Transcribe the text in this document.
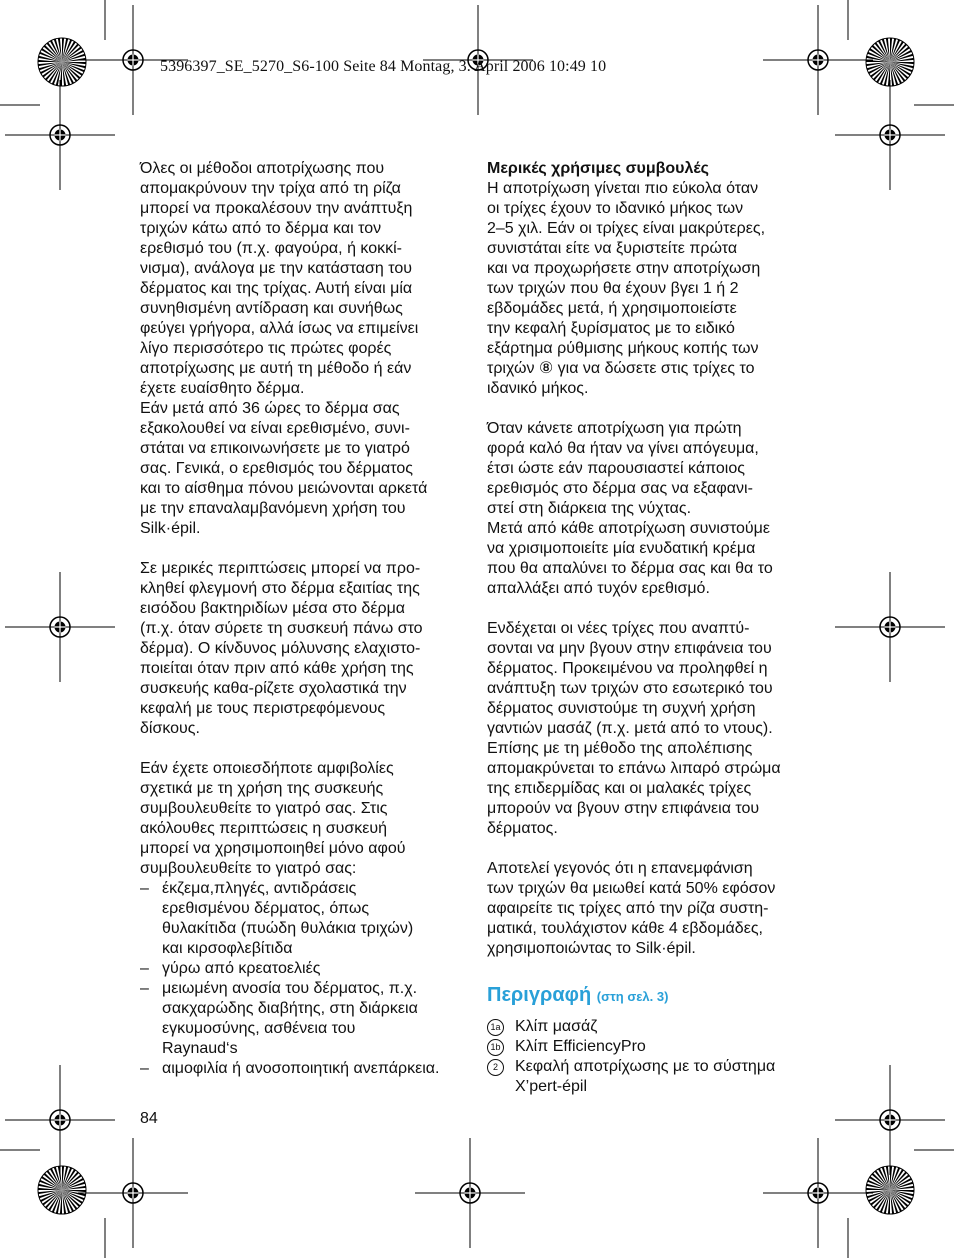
5396397_SE_5270_S6-100 Seite 84 Montag, 3. April 2006 10:49 10

Όλες οι μέθοδοι αποτρίχωσης που
απομακρύνουν την τρίχα από τη ρίζα
μπορεί να προκαλέσουν την ανάπτυξη
τριχών κάτω από το δέρμα και τον
ερεθισμό του (π.χ. φαγούρα, ή κοκκί-
νισμα), ανάλογα με την κατάσταση του
δέρματος και της τρίχας. Αυτή είναι μία
συνηθισμένη αντίδραση και συνήθως
φεύγει γρήγορα, αλλά ίσως να επιμείνει
λίγο περισσότερο τις πρώτες φορές
αποτρίχωσης με αυτή τη μέθοδο ή εάν
έχετε ευαίσθητο δέρμα.

Εάν μετά από 36 ώρες το δέρμα σας
εξακολουθεί να είναι ερεθισμένο, συνι-
στάται να επικοινωνήσετε με το γιατρό
σας. Γενικά, ο ερεθισμός του δέρματος
και το αίσθημα πόνου μειώνονται αρκετά
με την επαναλαμβανόμενη χρήση του
Silk·épil.

Σε μερικές περιπτώσεις μπορεί να προ-
κληθεί φλεγμονή στο δέρμα εξαιτίας της
εισόδου βακτηριδίων μέσα στο δέρμα
(π.χ. όταν σύρετε τη συσκευή πάνω στο
δέρμα). Ο κίνδυνος μόλυνσης ελαχιστο-
ποιείται όταν πριν από κάθε χρήση της
συσκευής καθα-ρίζετε σχολαστικά την
κεφαλή με τους περιστρεφόμενους
δίσκους.

Εάν έχετε οποιεσδήποτε αμφιβολίες
σχετικά με τη χρήση της συσκευής
συμβουλευθείτε το γιατρό σας. Στις
ακόλουθες περιπτώσεις η συσκευή
μπορεί να χρησιμοποιηθεί μόνο αφού
συμβουλευθείτε το γιατρό σας:

– έκζεμα,πληγές, αντιδράσεις
ερεθισμένου δέρματος, όπως
θυλακίτιδα (πυώδη θυλάκια τριχών)
και κιρσοφλεβίτιδα
– γύρω από κρεατοελιές
– μειωμένη ανοσία του δέρματος, π.χ.
σακχαρώδης διαβήτης, στη διάρκεια
εγκυμοσύνης, ασθένεια του
Raynaud‘s
– αιμοφιλία ή ανοσοποιητική ανεπάρκεια.

Μερικές χρήσιμες συμβουλές

Η αποτρίχωση γίνεται πιο εύκολα όταν
οι τρίχες έχουν το ιδανικό μήκος των
2–5 χιλ. Εάν οι τρίχες είναι μακρύτερες,
συνιστάται είτε να ξυριστείτε πρώτα
και να προχωρήσετε στην αποτρίχωση
των τριχών που θα έχουν βγει 1 ή 2
εβδομάδες μετά, ή χρησιμοποιείστε
την κεφαλή ξυρίσματος με το ειδικό
εξάρτημα ρύθμισης μήκους κοπής των
τριχών ⑧ για να δώσετε στις τρίχες το
ιδανικό μήκος.

Όταν κάνετε αποτρίχωση για πρώτη
φορά καλό θα ήταν να γίνει απόγευμα,
έτσι ώστε εάν παρουσιαστεί κάποιος
ερεθισμός στο δέρμα σας να εξαφανι-
στεί στη διάρκεια της νύχτας.

Μετά από κάθε αποτρίχωση συνιστούμε
να χρισιμοποιείτε μία ενυδατική κρέμα
που θα απαλύνει το δέρμα σας και θα το
απαλλάξει από τυχόν ερεθισμό.

Ενδέχεται οι νέες τρίχες που αναπτύ-
σονται να μην βγουν στην επιφάνεια του
δέρματος. Προκειμένου να προληφθεί η
ανάπτυξη των τριχών στο εσωτερικό του
δέρματος συνιστούμε τη συχνή χρήση
γαντιών μασάζ (π.χ. μετά από το ντους).
Επίσης με τη μέθοδο της απολέπισης
απομακρύνεται το επάνω λιπαρό στρώμα
της επιδερμίδας και οι μαλακές τρίχες
μπορούν να βγουν στην επιφάνεια του
δέρματος.

Αποτελεί γεγονός ότι η επανεμφάνιση
των τριχών θα μειωθεί κατά 50% εφόσον
αφαιρείτε τις τρίχες από την ρίζα συστη-
ματικά, τουλάχιστον κάθε 4 εβδομάδες,
χρησιμοποιώντας το Silk·épil.

Περιγραφή (στη σελ. 3)

1a Κλίπ μασάζ
1b Κλίπ EfficiencyPro
2	Κεφαλή αποτρίχωσης με το σύστημα
X’pert-épil
84
